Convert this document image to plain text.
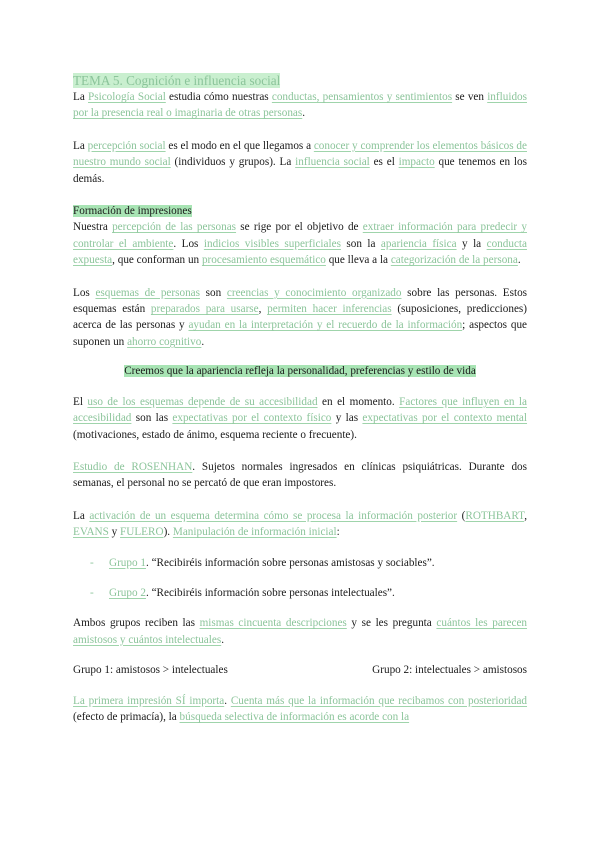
TEMA 5. Cognición e influencia social

La Psicología Social estudia cómo nuestras conductas, pensamientos y sentimientos se ven influidos por la presencia real o imaginaria de otras personas.

La percepción social es el modo en el que llegamos a conocer y comprender los elementos básicos de nuestro mundo social (individuos y grupos). La influencia social es el impacto que tenemos en los demás.

Formación de impresiones

Nuestra percepción de las personas se rige por el objetivo de extraer información para predecir y controlar el ambiente. Los indicios visibles superficiales son la apariencia física y la conducta expuesta, que conforman un procesamiento esquemático que lleva a la categorización de la persona.

Los esquemas de personas son creencias y conocimiento organizado sobre las personas. Estos esquemas están preparados para usarse, permiten hacer inferencias (suposiciones, predicciones) acerca de las personas y ayudan en la interpretación y el recuerdo de la información; aspectos que suponen un ahorro cognitivo.

Creemos que la apariencia refleja la personalidad, preferencias y estilo de vida

El uso de los esquemas depende de su accesibilidad en el momento. Factores que influyen en la accesibilidad son las expectativas por el contexto físico y las expectativas por el contexto mental (motivaciones, estado de ánimo, esquema reciente o frecuente).

Estudio de ROSENHAN. Sujetos normales ingresados en clínicas psiquiátricas. Durante dos semanas, el personal no se percató de que eran impostores.

La activación de un esquema determina cómo se procesa la información posterior (ROTHBART, EVANS y FULERO). Manipulación de información inicial:

- Grupo 1. “Recibiréis información sobre personas amistosas y sociables”.

- Grupo 2. “Recibiréis información sobre personas intelectuales”.

Ambos grupos reciben las mismas cincuenta descripciones y se les pregunta cuántos les parecen amistosos y cuántos intelectuales.

Grupo 1: amistosos > intelectuales	Grupo 2: intelectuales > amistosos

La primera impresión SÍ importa. Cuenta más que la información que recibamos con posterioridad (efecto de primacía), la búsqueda selectiva de información es acorde con la
